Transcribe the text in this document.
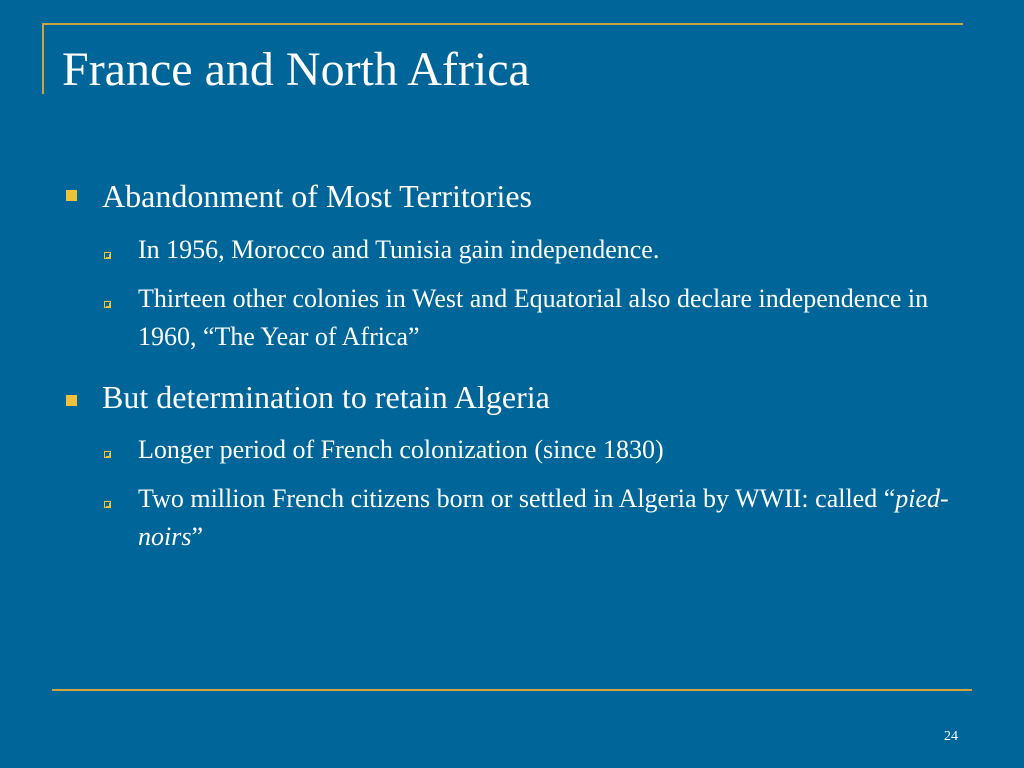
France and North Africa
Abandonment of Most Territories
In 1956, Morocco and Tunisia gain independence.
Thirteen other colonies in West and Equatorial also declare independence in 1960, “The Year of Africa”
But determination to retain Algeria
Longer period of French colonization (since 1830)
Two million French citizens born or settled in Algeria by WWII: called “pied-noirs”
24
